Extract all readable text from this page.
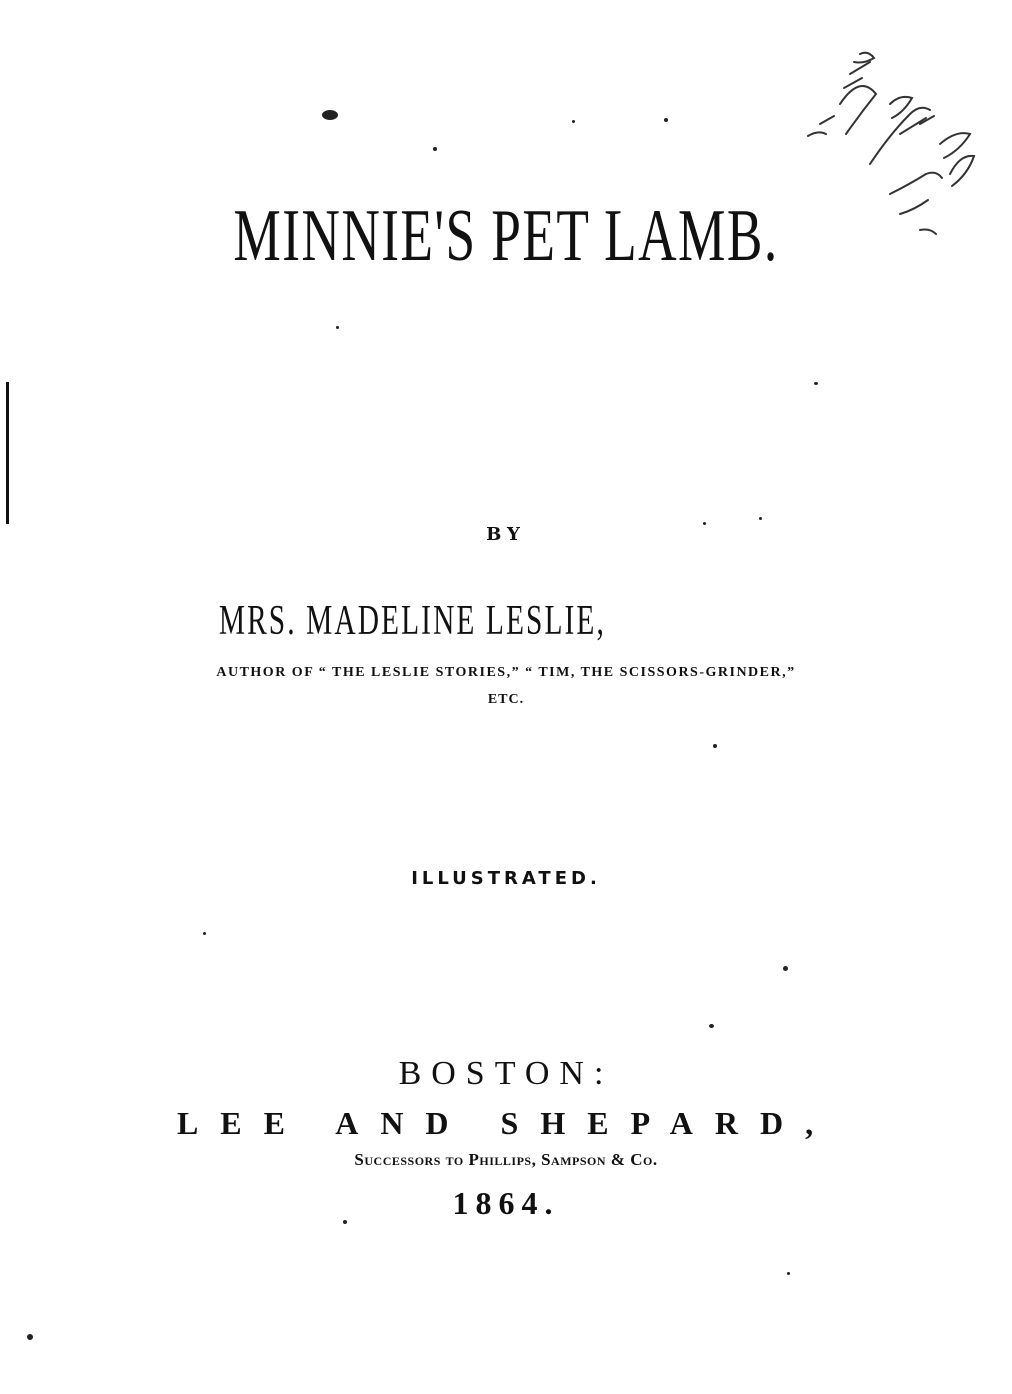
MINNIE'S PET LAMB.
BY
MRS. MADELINE LESLIE,
AUTHOR OF “ THE LESLIE STORIES,” “ TIM, THE SCISSORS-GRINDER,”
ETC.
ILLUSTRATED.
BOSTON:
LEE AND SHEPARD,
Successors to Phillips, Sampson & Co.
1864.
